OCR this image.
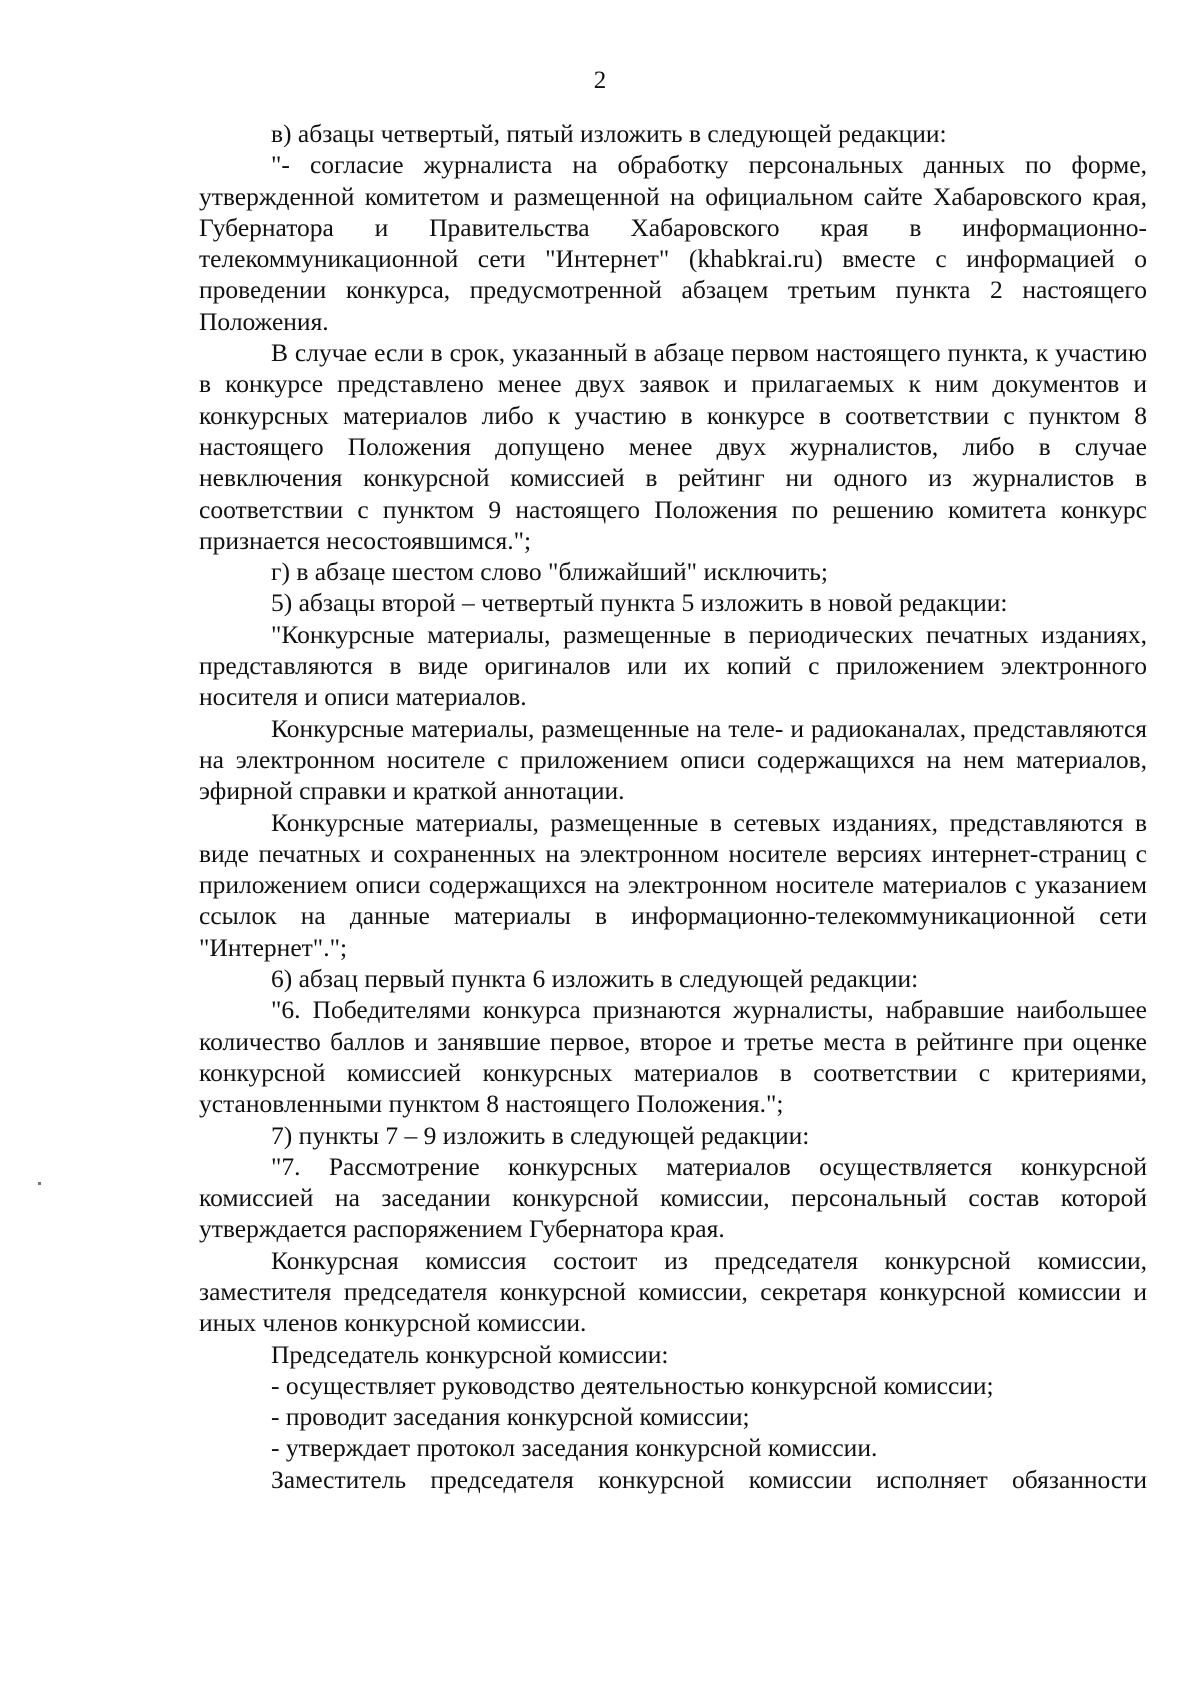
2

в) абзацы четвертый, пятый изложить в следующей редакции:

"- согласие журналиста на обработку персональных данных по форме, утвержденной комитетом и размещенной на официальном сайте Хабаровского края, Губернатора и Правительства Хабаровского края в информационно-телекоммуникационной сети "Интернет" (khabkrai.ru) вместе с информацией о проведении конкурса, предусмотренной абзацем третьим пункта 2 настоящего Положения.

В случае если в срок, указанный в абзаце первом настоящего пункта, к участию в конкурсе представлено менее двух заявок и прилагаемых к ним документов и конкурсных материалов либо к участию в конкурсе в соответствии с пунктом 8 настоящего Положения допущено менее двух журналистов, либо в случае невключения конкурсной комиссией в рейтинг ни одного из журналистов в соответствии с пунктом 9 настоящего Положения по решению комитета конкурс признается несостоявшимся.";

г) в абзаце шестом слово "ближайший" исключить;

5) абзацы второй – четвертый пункта 5 изложить в новой редакции:

"Конкурсные материалы, размещенные в периодических печатных изданиях, представляются в виде оригиналов или их копий с приложением электронного носителя и описи материалов.

Конкурсные материалы, размещенные на теле- и радиоканалах, представляются на электронном носителе с приложением описи содержащихся на нем материалов, эфирной справки и краткой аннотации.

Конкурсные материалы, размещенные в сетевых изданиях, представляются в виде печатных и сохраненных на электронном носителе версиях интернет-страниц с приложением описи содержащихся на электронном носителе материалов с указанием ссылок на данные материалы в информационно-телекоммуникационной сети "Интернет".";

6) абзац первый пункта 6 изложить в следующей редакции:

"6. Победителями конкурса признаются журналисты, набравшие наибольшее количество баллов и занявшие первое, второе и третье места в рейтинге при оценке конкурсной комиссией конкурсных материалов в соответствии с критериями, установленными пунктом 8 настоящего Положения.";

7) пункты 7 – 9 изложить в следующей редакции:

"7. Рассмотрение конкурсных материалов осуществляется конкурсной комиссией на заседании конкурсной комиссии, персональный состав которой утверждается распоряжением Губернатора края.

Конкурсная комиссия состоит из председателя конкурсной комиссии, заместителя председателя конкурсной комиссии, секретаря конкурсной комиссии и иных членов конкурсной комиссии.

Председатель конкурсной комиссии:

- осуществляет руководство деятельностью конкурсной комиссии;

- проводит заседания конкурсной комиссии;

- утверждает протокол заседания конкурсной комиссии.

Заместитель председателя конкурсной комиссии исполняет обязанности
